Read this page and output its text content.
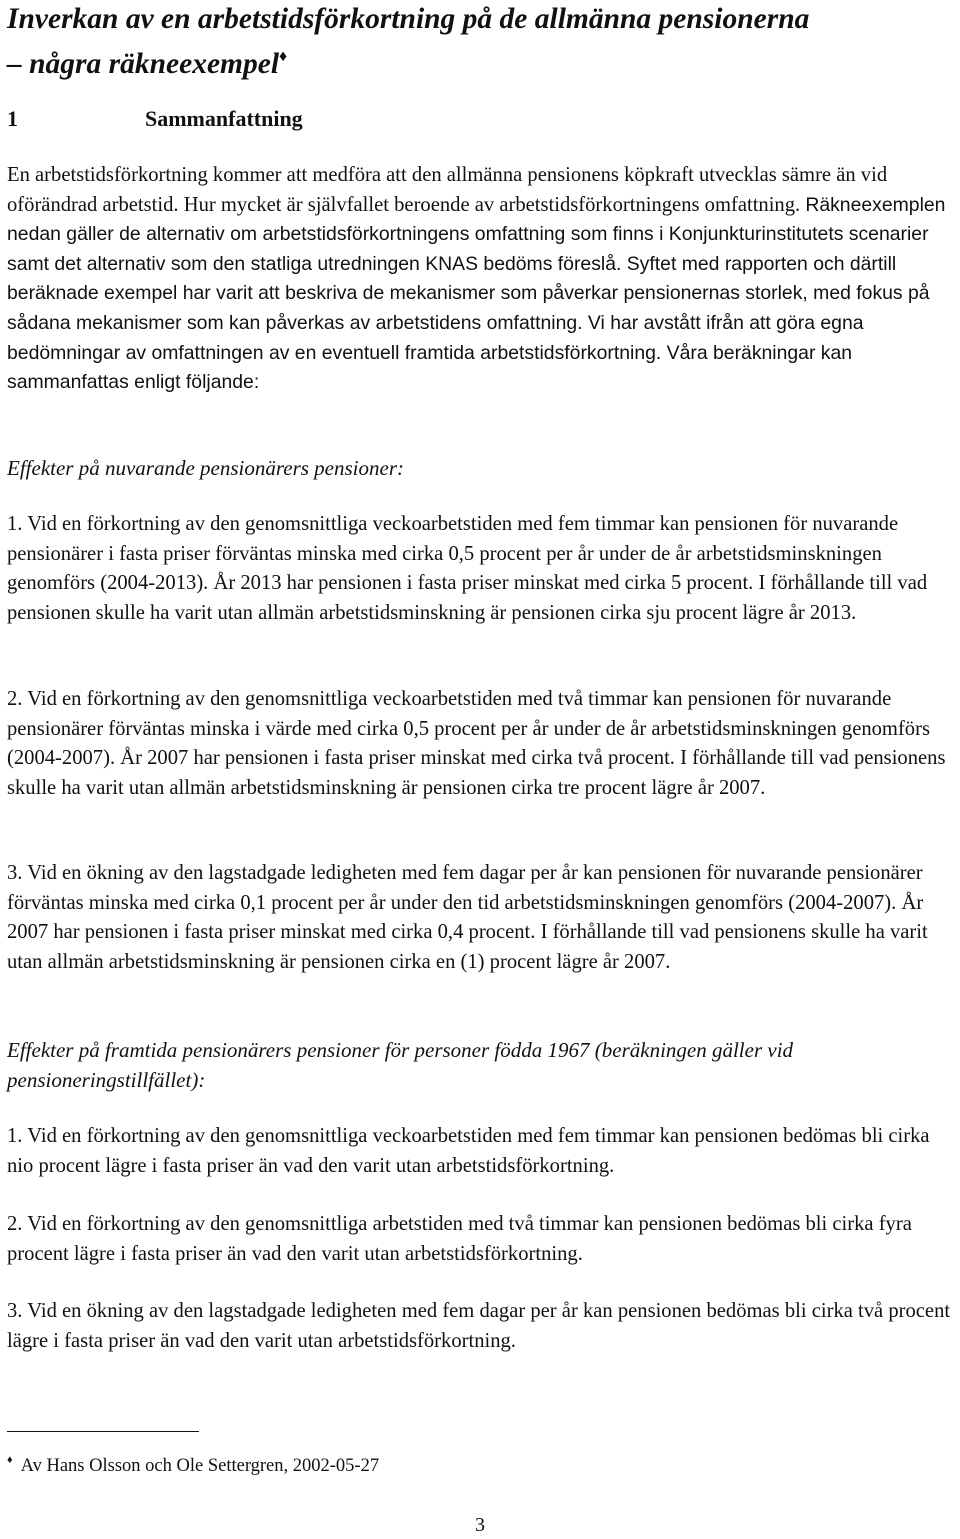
Inverkan av en arbetstidsförkortning på de allmänna pensionerna
– några räkneexempel♦
1	Sammanfattning

En arbetstidsförkortning kommer att medföra att den allmänna pensionens köpkraft utvecklas sämre än vid oförändrad arbetstid. Hur mycket är självfallet beroende av arbetstidsförkortningens omfattning. Räkneexemplen nedan gäller de alternativ om arbetstidsförkortningens omfattning som finns i Konjunkturinstitutets scenarier samt det alternativ som den statliga utredningen KNAS bedöms föreslå. Syftet med rapporten och därtill beräknade exempel har varit att beskriva de mekanismer som påverkar pensionernas storlek, med fokus på sådana mekanismer som kan påverkas av arbetstidens omfattning. Vi har avstått ifrån att göra egna bedömningar av omfattningen av en eventuell framtida arbetstidsförkortning. Våra beräkningar kan sammanfattas enligt följande:

Effekter på nuvarande pensionärers pensioner:

1. Vid en förkortning av den genomsnittliga veckoarbetstiden med fem timmar kan pensionen för nuvarande pensionärer i fasta priser förväntas minska med cirka 0,5 procent per år under de år arbetstidsminskningen genomförs (2004-2013). År 2013 har pensionen i fasta priser minskat med cirka 5 procent. I förhållande till vad pensionen skulle ha varit utan allmän arbetstidsminskning är pensionen cirka sju procent lägre år 2013.

2. Vid en förkortning av den genomsnittliga veckoarbetstiden med två timmar kan pensionen för nuvarande pensionärer förväntas minska i värde med cirka 0,5 procent per år under de år arbetstidsminskningen genomförs (2004-2007). År 2007 har pensionen i fasta priser minskat med cirka två procent. I förhållande till vad pensionens skulle ha varit utan allmän arbetstidsminskning är pensionen cirka tre procent lägre år 2007.

3. Vid en ökning av den lagstadgade ledigheten med fem dagar per år kan pensionen för nuvarande pensionärer förväntas minska med cirka 0,1 procent per år under den tid arbetstidsminskningen genomförs (2004-2007). År 2007 har pensionen i fasta priser minskat med cirka 0,4 procent. I förhållande till vad pensionens skulle ha varit utan allmän arbetstidsminskning är pensionen cirka en (1) procent lägre år 2007.

Effekter på framtida pensionärers pensioner för personer födda 1967 (beräkningen gäller vid pensioneringstillfället):

1. Vid en förkortning av den genomsnittliga veckoarbetstiden med fem timmar kan pensionen bedömas bli cirka nio procent lägre i fasta priser än vad den varit utan arbetstidsförkortning.

2. Vid en förkortning av den genomsnittliga arbetstiden med två timmar kan pensionen bedömas bli cirka fyra procent lägre i fasta priser än vad den varit utan arbetstidsförkortning.

3. Vid en ökning av den lagstadgade ledigheten med fem dagar per år kan pensionen bedömas bli cirka två procent lägre i fasta priser än vad den varit utan arbetstidsförkortning.

♦ Av Hans Olsson och Ole Settergren, 2002-05-27
3
